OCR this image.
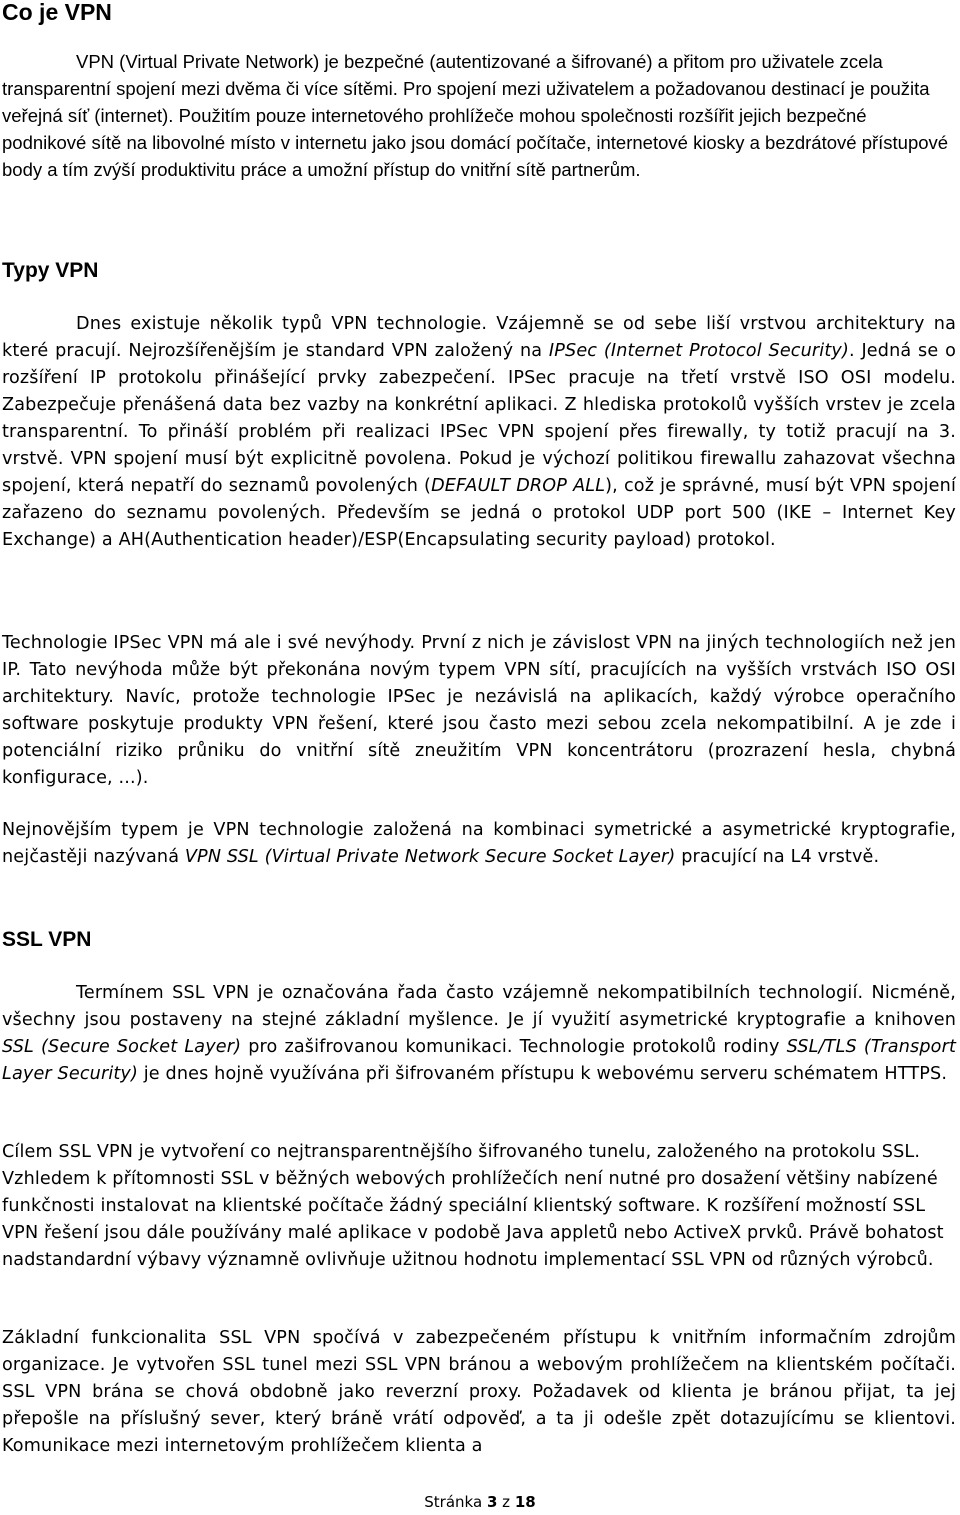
Co je VPN

VPN (Virtual Private Network) je bezpečné (autentizované a šifrované) a přitom pro uživatele zcela transparentní spojení mezi dvěma či více sítěmi. Pro spojení mezi uživatelem a požadovanou destinací je použita veřejná síť (internet). Použitím pouze internetového prohlížeče mohou společnosti rozšířit jejich bezpečné podnikové sítě na libovolné místo v internetu jako jsou domácí počítače, internetové kiosky a bezdrátové přístupové body a tím zvýší produktivitu práce a umožní přístup do vnitřní sítě partnerům.

Typy VPN

Dnes existuje několik typů VPN technologie. Vzájemně se od sebe liší vrstvou architektury na které pracují. Nejrozšířenějším je standard VPN založený na IPSec (Internet Protocol Security). Jedná se o rozšíření IP protokolu přinášející prvky zabezpečení. IPSec pracuje na třetí vrstvě ISO OSI modelu. Zabezpečuje přenášená data bez vazby na konkrétní aplikaci. Z hlediska protokolů vyšších vrstev je zcela transparentní. To přináší problém při realizaci IPSec VPN spojení přes firewally, ty totiž pracují na 3. vrstvě. VPN spojení musí být explicitně povolena. Pokud je výchozí politikou firewallu zahazovat všechna spojení, která nepatří do seznamů povolených (DEFAULT DROP ALL), což je správné, musí být VPN spojení zařazeno do seznamu povolených. Především se jedná o protokol UDP port 500 (IKE – Internet Key Exchange) a AH(Authentication header)/ESP(Encapsulating security payload) protokol.

Technologie IPSec VPN má ale i své nevýhody. První z nich je závislost VPN na jiných technologiích než jen IP. Tato nevýhoda může být překonána novým typem VPN sítí, pracujících na vyšších vrstvách ISO OSI architektury. Navíc, protože technologie IPSec je nezávislá na aplikacích, každý výrobce operačního software poskytuje produkty VPN řešení, které jsou často mezi sebou zcela nekompatibilní. A je zde i potenciální riziko průniku do vnitřní sítě zneužitím VPN koncentrátoru (prozrazení hesla, chybná konfigurace, ...).

Nejnovějším typem je VPN technologie založená na kombinaci symetrické a asymetrické kryptografie, nejčastěji nazývaná VPN SSL (Virtual Private Network Secure Socket Layer) pracující na L4 vrstvě.

SSL VPN

Termínem SSL VPN je označována řada často vzájemně nekompatibilních technologií. Nicméně, všechny jsou postaveny na stejné základní myšlence. Je jí využití asymetrické kryptografie a knihoven SSL (Secure Socket Layer) pro zašifrovanou komunikaci. Technologie protokolů rodiny SSL/TLS (Transport Layer Security) je dnes hojně využívána při šifrovaném přístupu k webovému serveru schématem HTTPS.

Cílem SSL VPN je vytvoření co nejtransparentnějšího šifrovaného tunelu, založeného na protokolu SSL. Vzhledem k přítomnosti SSL v běžných webových prohlížečích není nutné pro dosažení většiny nabízené funkčnosti instalovat na klientské počítače žádný speciální klientský software. K rozšíření možností SSL VPN řešení jsou dále používány malé aplikace v podobě Java appletů nebo ActiveX prvků. Právě bohatost nadstandardní výbavy významně ovlivňuje užitnou hodnotu implementací SSL VPN od různých výrobců.

Základní funkcionalita SSL VPN spočívá v zabezpečeném přístupu k vnitřním informačním zdrojům organizace. Je vytvořen SSL tunel mezi SSL VPN bránou a webovým prohlížečem na klientském počítači. SSL VPN brána se chová obdobně jako reverzní proxy. Požadavek od klienta je bránou přijat, ta jej přepošle na příslušný sever, který bráně vrátí odpověď, a ta ji odešle zpět dotazujícímu se klientovi. Komunikace mezi internetovým prohlížečem klienta a

Stránka 3 z 18
